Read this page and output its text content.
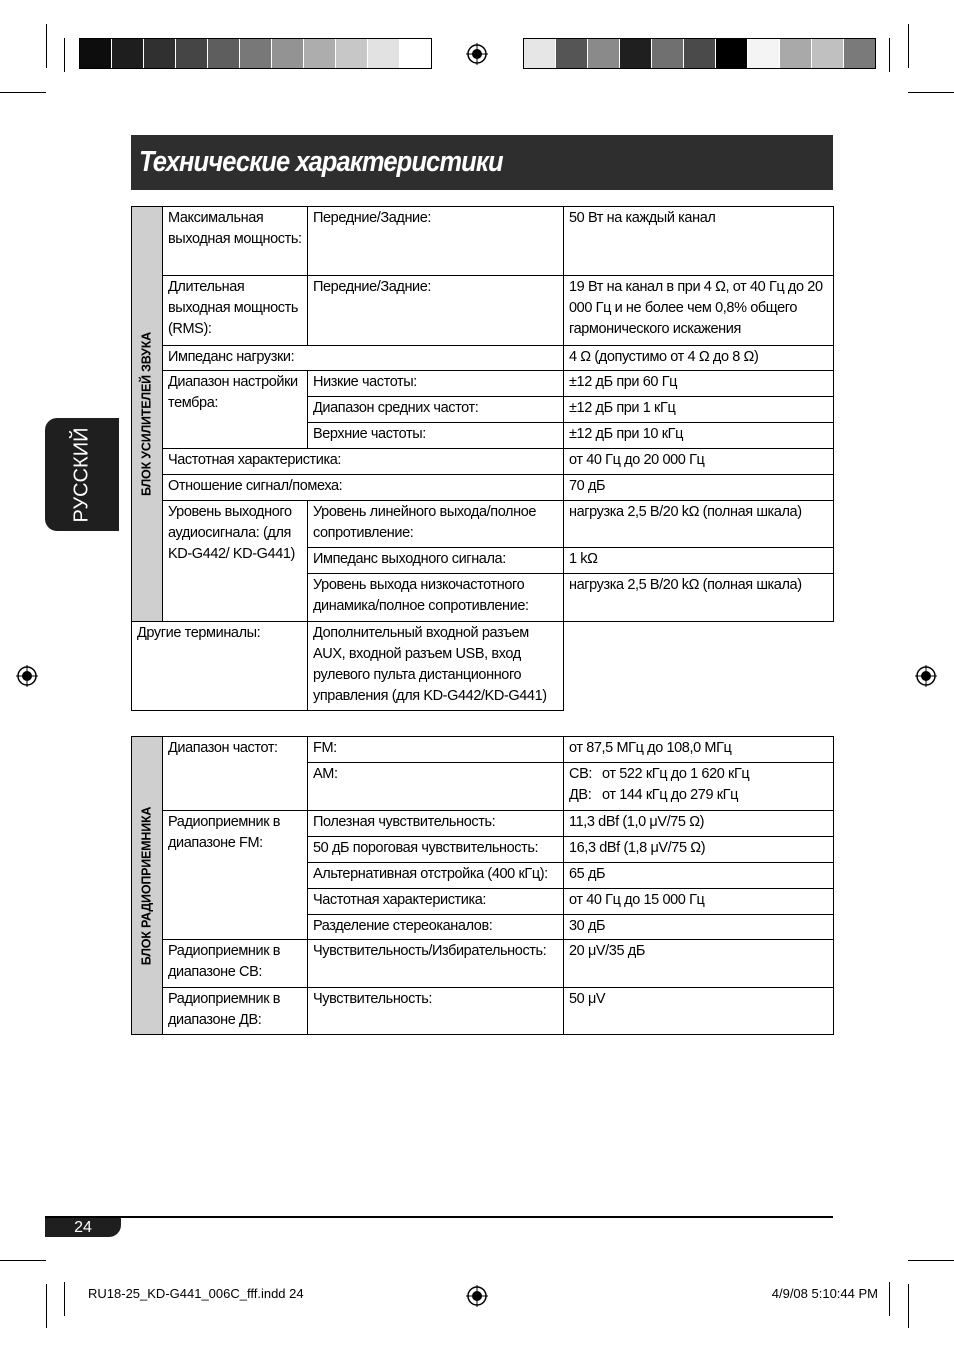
Технические характеристики
РУССКИЙ	БЛОК УСИЛИТЕЛЕЙ ЗВУКА	Максимальная выходная мощность:	Передние/Задние:	50 Вт на каждый канал
	Длительная выходная мощность (RMS):	Передние/Задние:	19 Вт на канал в при 4 Ω, от 40 Гц до 20 000 Гц и не более чем 0,8% общего гармонического искажения
	Импеданс нагрузки:		4 Ω (допустимо от 4 Ω до 8 Ω)
	Диапазон настройки тембра:	Низкие частоты:	±12 дБ при 60 Гц
		Диапазон средних частот:	±12 дБ при 1 кГц
		Верхние частоты:	±12 дБ при 10 кГц
	Частотная характеристика:		от 40 Гц до 20 000 Гц
	Отношение сигнал/помеха:		70 дБ
	Уровень выходного аудиосигнала: (для KD-G442/ KD-G441)	Уровень линейного выхода/полное сопротивление:	нагрузка 2,5 В/20 kΩ (полная шкала)
		Импеданс выходного сигнала:	1 kΩ
		Уровень выхода низкочастотного динамика/полное сопротивление:	нагрузка 2,5 В/20 kΩ (полная шкала)
Другие терминалы:		Дополнительный входной разъем AUX, входной разъем USB, вход рулевого пульта дистанционного управления (для KD-G442/KD-G441)	
БЛОК РАДИОПРИЕМНИКА	Диапазон частот:	FM:	от 87,5 МГц до 108,0 МГц
		AM:	СВ: от 522 кГц до 1 620 кГц
ДВ: от 144 кГц до 279 кГц

	Радиоприемник в диапазоне FM:	Полезная чувствительность:	11,3 dBf (1,0 μV/75 Ω)
		50 дБ пороговая чувствительность:	16,3 dBf (1,8 μV/75 Ω)
		Альтернативная отстройка (400 кГц):	65 дБ
		Частотная характеристика:	от 40 Гц до 15 000 Гц
		Разделение стереоканалов:	30 дБ
	Радиоприемник в диапазоне СВ:	Чувствительность/Избирательность:	20 μV/35 дБ
	Радиоприемник в диапазоне ДВ:	Чувствительность:	50 μV
24
RU18-25_KD-G441_006C_fff.indd 24	4/9/08 5:10:44 PM
